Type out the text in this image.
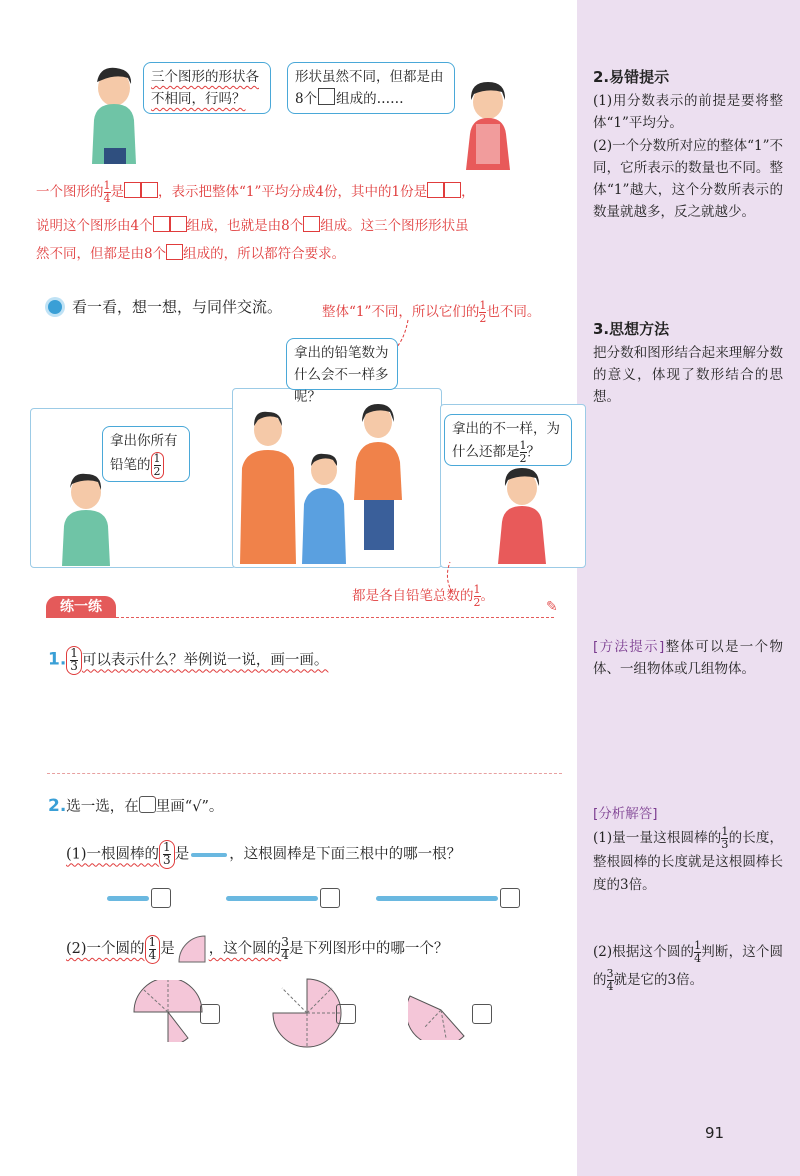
2.易错提示
(1)用分数表示的前提是要将整体“1”平均分。
(2)一个分数所对应的整体“1”不同，它所表示的数量也不同。整体“1”越大，这个分数所表示的数量就越多，反之就越少。
3.思想方法
把分数和图形结合起来理解分数的意义，体现了数形结合的思想。
[方法提示]整体可以是一个物体、一组物体或几组物体。
[分析解答]
(1)量一量这根圆棒的 $\frac{1}{3}$ 的长度，整根圆棒的长度就是这根圆棒长度的3倍。
(2)根据这个圆的 $\frac{1}{4}$ 判断，这个圆的 $\frac{3}{4}$ 就是它的3倍。
91
三个图形的形状各不相同，行吗？
形状虽然不同，但都是由8个 组成的……
一个图形的 $\frac{1}{4}$ 是	，表示把整体“1”平均分成4份，其中的1份是	，
说明这个图形由4个	组成，也就是由8个 组成。这三个图形形状虽
然不同，但都是由8个 组成的，所以都符合要求。
看一看，想一想，与同伴交流。	整体“1”不同，所以它们的 $\frac{1}{2}$ 也不同。
拿出的铅笔数为什么会不一样多呢？
拿出你所有铅笔的 $\frac{1}{2}$
拿出的不一样，为什么还都是 $\frac{1}{2}$ ？
都是各自铅笔总数的 $\frac{1}{2}$ 。
练一练	✎
1. $\frac{1}{3}$ 可以表示什么？举例说一说，画一画。
2.选一选，在 里画“√”。
(1)一根圆棒的 $\frac{1}{3}$ 是	，这根圆棒是下面三根中的哪一根？
(2)一个圆的 $\frac{1}{4}$ 是 ，这个圆的 $\frac{3}{4}$ 是下列图形中的哪一个？
